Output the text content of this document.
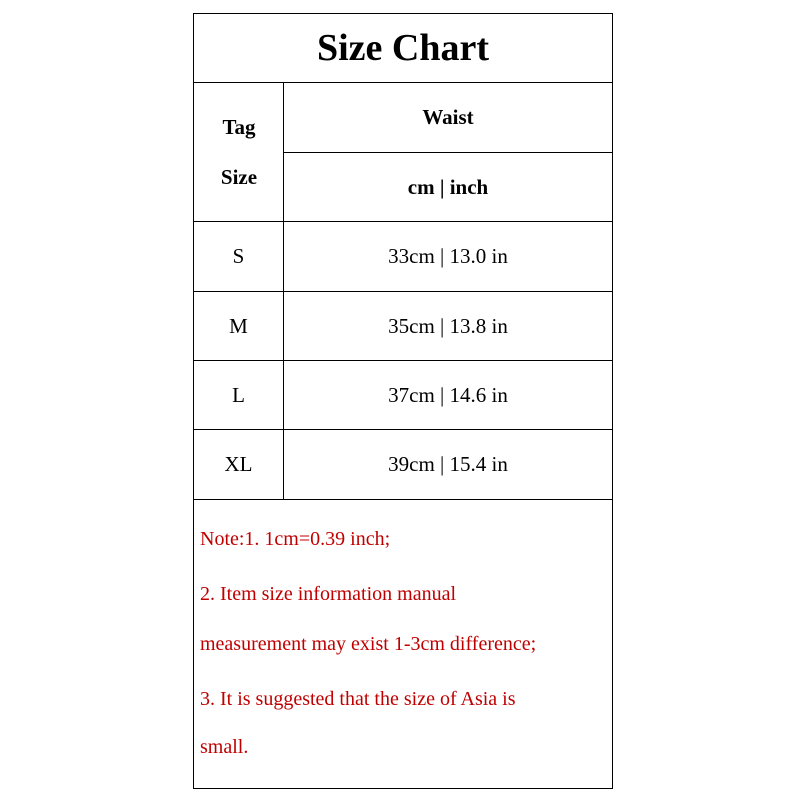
Size Chart
Tag
Size
Waist
cm | inch
S	33cm | 13.0 in
M	35cm | 13.8 in
L	37cm | 14.6 in
XL	39cm | 15.4 in
Note:1. 1cm=0.39 inch;
2. Item size information manual
measurement may exist 1-3cm difference;
3. It is suggested that the size of Asia is
small.
